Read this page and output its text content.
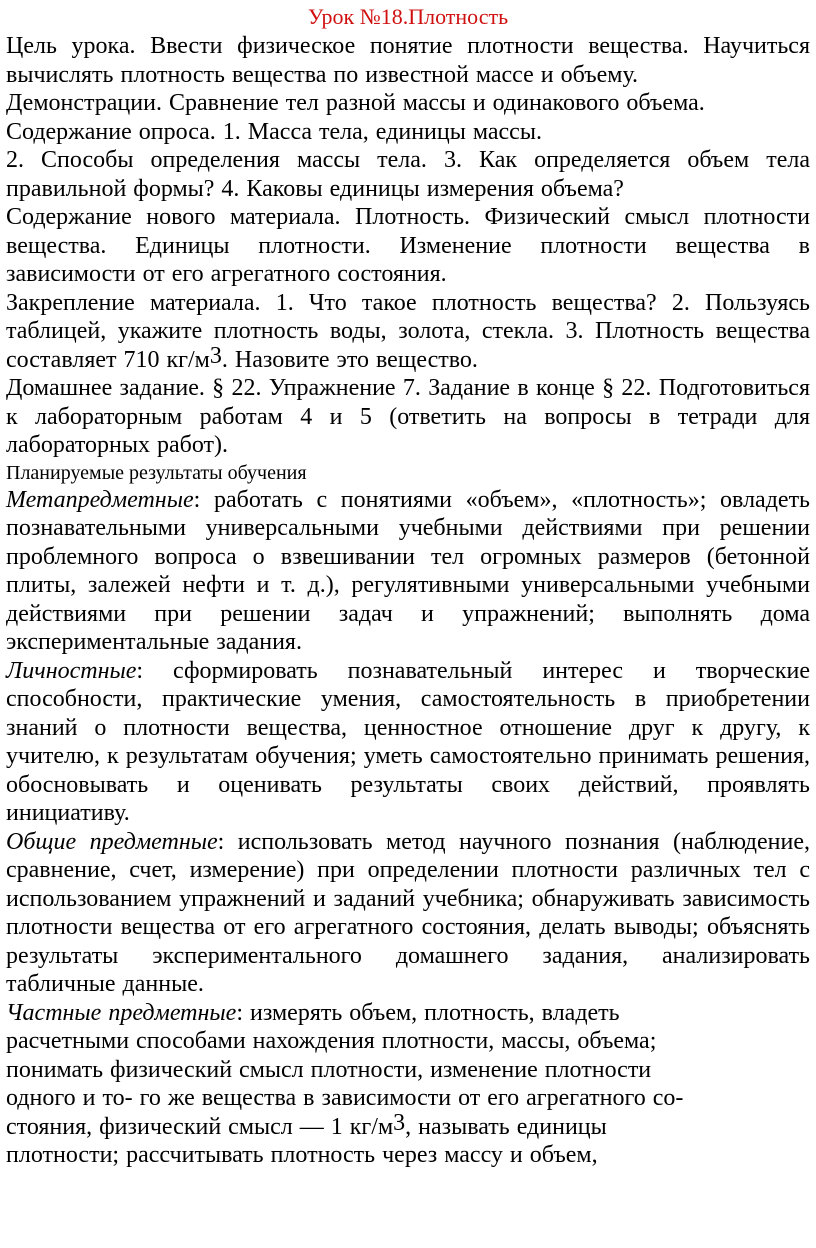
Урок №18.Плотность

Цель урока. Ввести физическое понятие плотности вещества. Научиться вычислять плотность вещества по известной массе и объему.

Демонстрации. Сравнение тел разной массы и одинакового объема.

Содержание опроса. 1. Масса тела, единицы массы.

2. Способы определения массы тела. 3. Как определяется объем тела правильной формы? 4. Каковы единицы измерения объема?

Содержание нового материала. Плотность. Физический смысл плотности вещества. Единицы плотности. Изменение плотности вещества в зависимости от его агрегатного состояния.

Закрепление материала. 1. Что такое плотность вещества? 2. Пользуясь таблицей, укажите плотность воды, золота, стекла. 3. Плотность вещества составляет 710 $кг/м^3$. Назовите это вещество.

Домашнее задание. § 22. Упражнение 7. Задание в конце § 22. Подготовиться к лабораторным работам 4 и 5 (ответить на вопросы в тетради для лабораторных работ).

Планируемые результаты обучения

Метапредметные: работать с понятиями «объем», «плотность»; овладеть познавательными универсальными учебными действиями при решении проблемного вопроса о взвешивании тел огромных размеров (бетонной плиты, залежей нефти и т. д.), регулятивными универсальными учебными действиями при решении задач и упражнений; выполнять дома экспериментальные задания.

Личностные: сформировать познавательный интерес и творческие способности, практические умения, самостоятельность в приобретении знаний о плотности вещества, ценностное отношение друг к другу, к учителю, к результатам обучения; уметь самостоятельно принимать решения, обосновывать и оценивать результаты своих действий, проявлять инициативу.

Общие предметные: использовать метод научного познания (наблюдение, сравнение, счет, измерение) при определении плотности различных тел с использованием упражнений и заданий учебника; обнаруживать зависимость плотности вещества от его агрегатного состояния, делать выводы; объяснять результаты экспериментального домашнего задания, анализировать табличные данные.

Частные предметные: измерять объем, плотность, владеть

расчетными способами нахождения плотности, массы, объема;

понимать физический смысл плотности, изменение плотности

одного и то- го же вещества в зависимости от его агрегатного со-

стояния, физический смысл — 1 $кг/м^3$, называть единицы

плотности; рассчитывать плотность через массу и объем,
